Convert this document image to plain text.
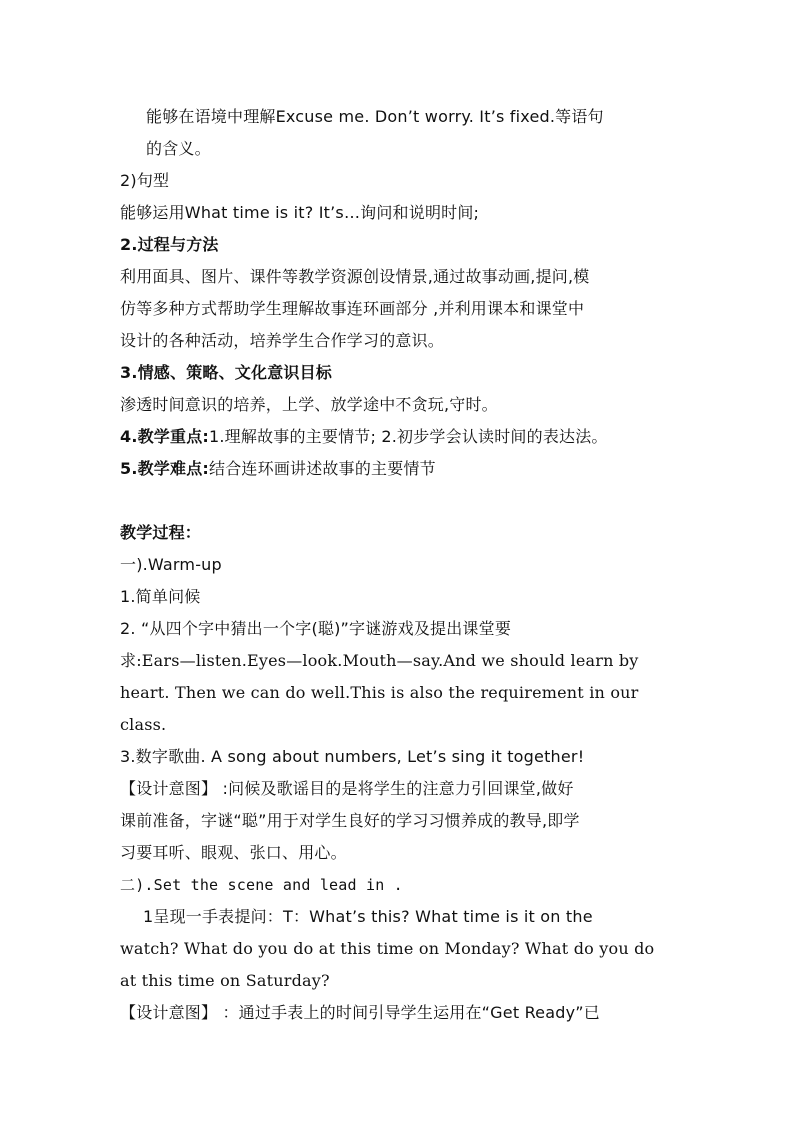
能够在语境中理解Excuse me. Don’t worry. It’s fixed.等语句
的含义。
2)句型
能够运用What time is it? It’s…询问和说明时间;
2.过程与方法
利用面具、图片、课件等教学资源创设情景,通过故事动画,提问,模
仿等多种方式帮助学生理解故事连环画部分 ,并利用课本和课堂中
设计的各种活动，培养学生合作学习的意识。
3.情感、策略、文化意识目标
渗透时间意识的培养，上学、放学途中不贪玩,守时。
4.教学重点:1.理解故事的主要情节; 2.初步学会认读时间的表达法。
5.教学难点:结合连环画讲述故事的主要情节
教学过程：
一).Warm-up
1.简单问候
2. “从四个字中猜出一个字(聪)”字谜游戏及提出课堂要
求:Ears—listen.Eyes—look.Mouth—say.And we should learn by
heart. Then we can do well.This is also the requirement in our
class.
3.数字歌曲. A song about numbers, Let’s sing it together!
【设计意图】 :问候及歌谣目的是将学生的注意力引回课堂,做好
课前准备，字谜“聪”用于对学生良好的学习习惯养成的教导,即学
习要耳听、眼观、张口、用心。
二).Set the scene and lead in .
1呈现一手表提问：T：What’s this? What time is it on the
watch? What do you do at this time on Monday? What do you do
at this time on Saturday?
【设计意图】 ：通过手表上的时间引导学生运用在“Get Ready”已
